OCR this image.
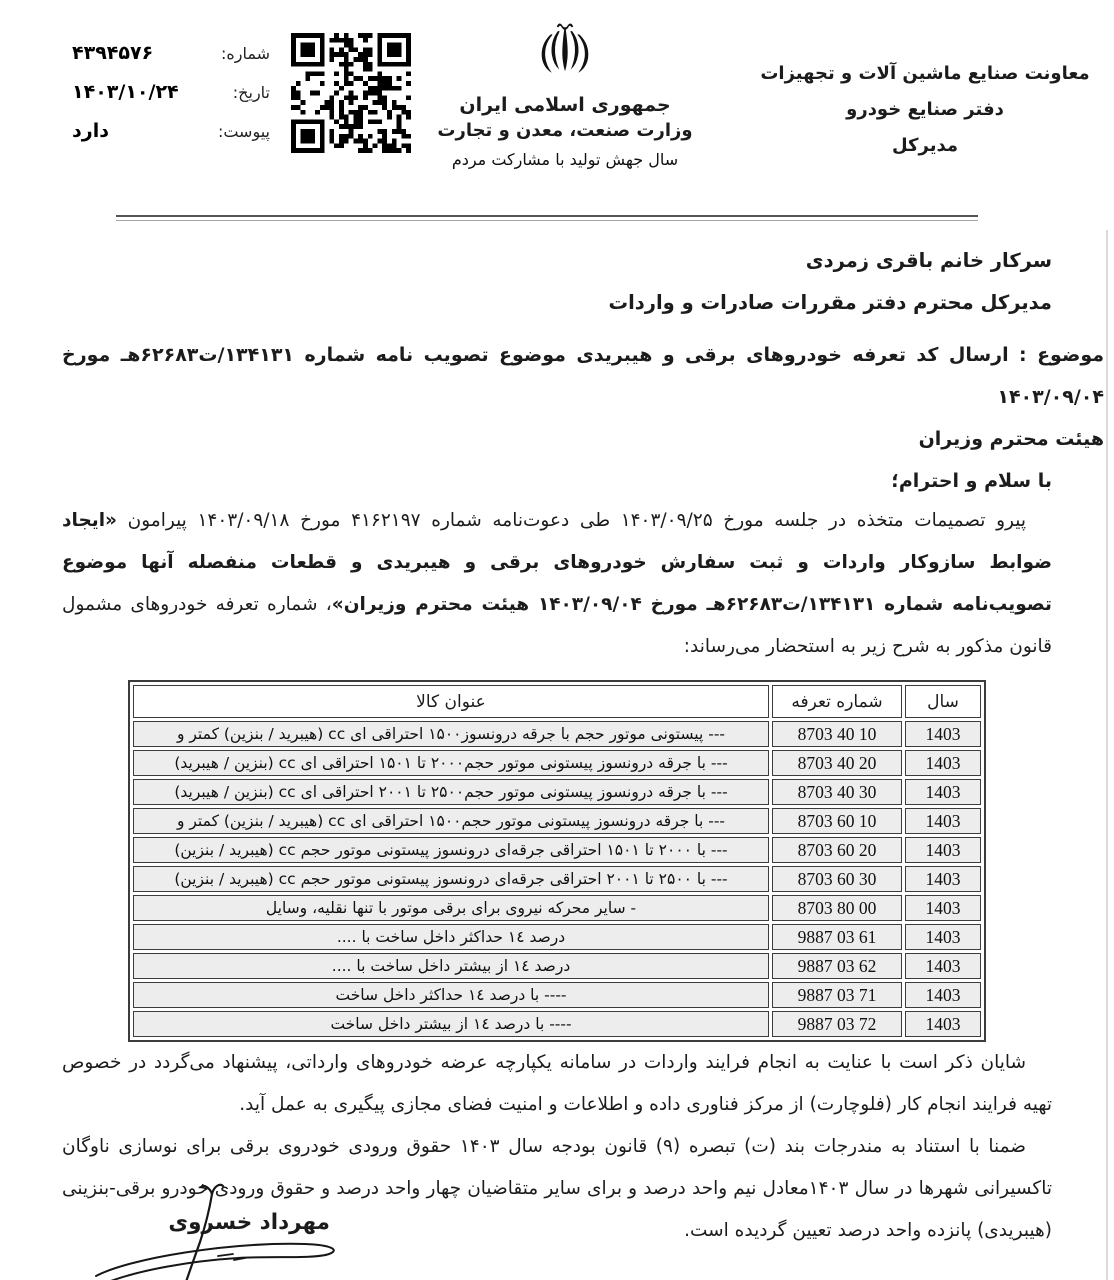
شماره:
۴۳۹۴۵۷۶
تاریخ:
۱۴۰۳/۱۰/۲۴
پیوست:
دارد
جمهوری اسلامی ایران
وزارت صنعت، معدن و تجارت
سال جهش تولید با مشارکت مردم
معاونت صنایع ماشین آلات و تجهیزات
دفتر صنایع خودرو
مدیرکل
سرکار خانم باقری زمردی
مدیرکل محترم دفتر مقررات صادرات و واردات
موضوع : ارسال کد تعرفه خودروهای برقی و هیبریدی موضوع تصویب نامه شماره ۱۳۴۱۳۱/ت۶۲۶۸۳هـ مورخ ۱۴۰۳/۰۹/۰۴
هیئت محترم وزیران
با سلام و احترام؛

پیرو تصمیمات متخذه در جلسه مورخ ۱۴۰۳/۰۹/۲۵ طی دعوت‌نامه شماره ۴۱۶۲۱۹۷ مورخ ۱۴۰۳/۰۹/۱۸ پیرامون «ایجاد ضوابط سازوکار واردات و ثبت سفارش خودروهای برقی و هیبریدی و قطعات منفصله آنها موضوع تصویب‌نامه شماره ۱۳۴۱۳۱/ت۶۲۶۸۳هـ مورخ ۱۴۰۳/۰۹/۰۴ هیئت محترم وزیران»، شماره تعرفه خودروهای مشمول قانون مذکور به شرح زیر به استحضار می‌رساند:

سال	شماره تعرفه	عنوان کالا
1403	8703 40 10	--- پیستونی موتور حجم با جرقه درونسوز۱۵۰۰ احتراقی ای cc (هیبرید / بنزین) کمتر و
1403	8703 40 20	--- با جرقه درونسوز پیستونی موتور حجم۲۰۰۰ تا ۱۵۰۱ احتراقی ای cc (بنزین / هیبرید)
1403	8703 40 30	--- با جرقه درونسوز پیستونی موتور حجم۲۵۰۰ تا ۲۰۰۱ احتراقی ای cc (بنزین / هیبرید)
1403	8703 60 10	--- با جرقه درونسوز پیستونی موتور حجم۱۵۰۰ احتراقی ای cc (هیبرید / بنزین) کمتر و
1403	8703 60 20	--- با ۲۰۰۰ تا ۱۵۰۱ احتراقی جرقه‌ای درونسوز پیستونی موتور حجم cc (هیبرید / بنزین)
1403	8703 60 30	--- با ۲۵۰۰ تا ۲۰۰۱ احتراقی جرقه‌ای درونسوز پیستونی موتور حجم cc (هیبرید / بنزین)
1403	8703 80 00	- سایر محرکه نیروی برای برقی موتور با تنها نقلیه، وسایل
1403	9887 03 61	درصد ١٤ حداکثر داخل ساخت با ....
1403	9887 03 62	درصد ١٤ از بیشتر داخل ساخت با ....
1403	9887 03 71	---- با درصد ١٤ حداکثر داخل ساخت
1403	9887 03 72	---- با درصد ١٤ از بیشتر داخل ساخت

شایان ذکر است با عنایت به انجام فرایند واردات در سامانه یکپارچه عرضه خودروهای وارداتی، پیشنهاد می‌گردد در خصوص تهیه فرایند انجام کار (فلوچارت) از مرکز فناوری داده و اطلاعات و امنیت فضای مجازی پیگیری به عمل آید.

ضمنا با استناد به مندرجات بند (ت) تبصره (۹) قانون بودجه سال ۱۴۰۳ حقوق ورودی خودروی برقی برای نوسازی ناوگان تاکسیرانی شهرها در سال ۱۴۰۳معادل نیم واحد درصد و برای سایر متقاضیان چهار واحد درصد و حقوق ورودی خودرو برقی-بنزینی (هیبریدی) پانزده واحد درصد تعیین گردیده است.

مهرداد خسروی
